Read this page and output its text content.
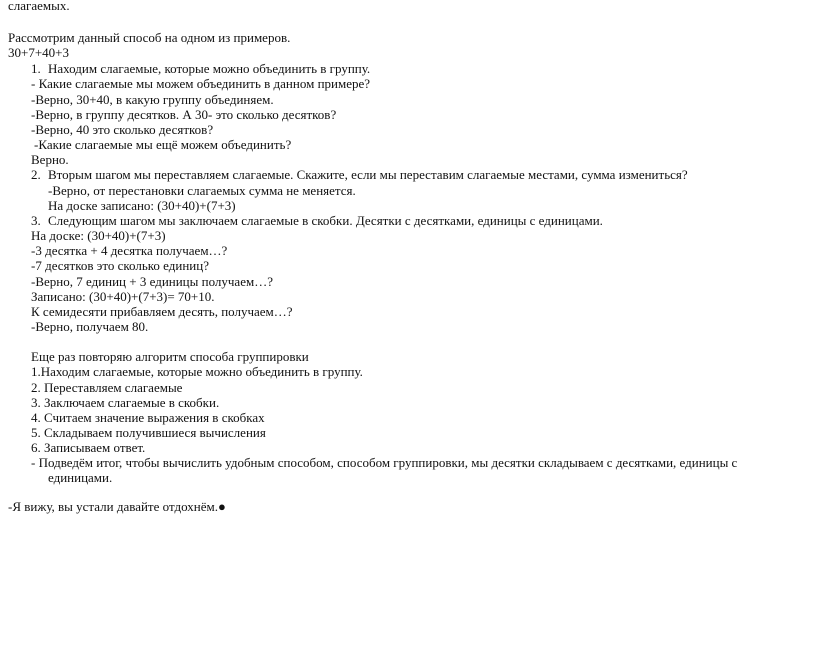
слагаемых.
Рассмотрим данный способ на одном из примеров.
30+7+40+3
1. Находим слагаемые, которые можно объединить в группу.
- Какие слагаемые мы можем объединить в данном примере?
-Верно, 30+40, в какую группу объединяем.
-Верно, в группу десятков. А 30- это сколько десятков?
-Верно, 40 это сколько десятков?
-Какие слагаемые мы ещё можем объединить?
Верно.
2. Вторым шагом мы переставляем слагаемые. Скажите, если мы переставим слагаемые местами, сумма измениться?
-Верно, от перестановки слагаемых сумма не меняется.
На доске записано: (30+40)+(7+3)
3. Следующим шагом мы заключаем слагаемые в скобки. Десятки с десятками, единицы с единицами.
На доске: (30+40)+(7+3)
-3 десятка + 4 десятка получаем…?
-7 десятков это сколько единиц?
-Верно, 7 единиц + 3 единицы получаем…?
Записано: (30+40)+(7+3)= 70+10.
К семидесяти прибавляем десять, получаем…?
-Верно, получаем 80.
Еще раз повторяю алгоритм способа группировки
1.Находим слагаемые, которые можно объединить в группу.
2. Переставляем слагаемые
3. Заключаем слагаемые в скобки.
4. Считаем значение выражения в скобках
5. Складываем получившиеся вычисления
6. Записываем ответ.
- Подведём итог, чтобы вычислить удобным способом, способом группировки, мы десятки складываем с десятками, единицы с
единицами.
-Я вижу, вы устали давайте отдохнём.●
